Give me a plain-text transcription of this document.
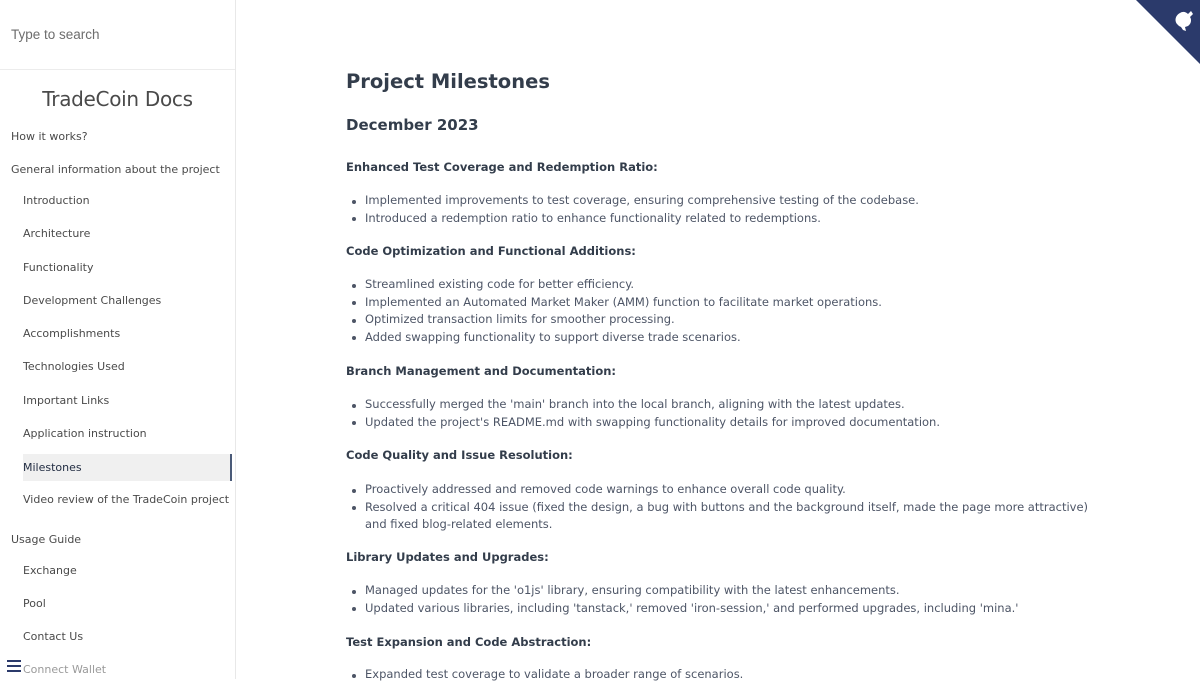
Type to search
TradeCoin Docs
How it works?
General information about the project
Introduction
Architecture
Functionality
Development Challenges
Accomplishments
Technologies Used
Important Links
Application instruction
Milestones
Video review of the TradeCoin project
Usage Guide
Exchange
Pool
Contact Us
Connect Wallet
Project Milestones
December 2023

Enhanced Test Coverage and Redemption Ratio:

Implemented improvements to test coverage, ensuring comprehensive testing of the codebase.
Introduced a redemption ratio to enhance functionality related to redemptions.

Code Optimization and Functional Additions:

Streamlined existing code for better efficiency.
Implemented an Automated Market Maker (AMM) function to facilitate market operations.
Optimized transaction limits for smoother processing.
Added swapping functionality to support diverse trade scenarios.

Branch Management and Documentation:

Successfully merged the 'main' branch into the local branch, aligning with the latest updates.
Updated the project's README.md with swapping functionality details for improved documentation.

Code Quality and Issue Resolution:

Proactively addressed and removed code warnings to enhance overall code quality.
Resolved a critical 404 issue (fixed the design, a bug with buttons and the background itself, made the page more attractive) and fixed blog-related elements.

Library Updates and Upgrades:

Managed updates for the 'o1js' library, ensuring compatibility with the latest enhancements.
Updated various libraries, including 'tanstack,' removed 'iron-session,' and performed upgrades, including 'mina.'

Test Expansion and Code Abstraction:

Expanded test coverage to validate a broader range of scenarios.
